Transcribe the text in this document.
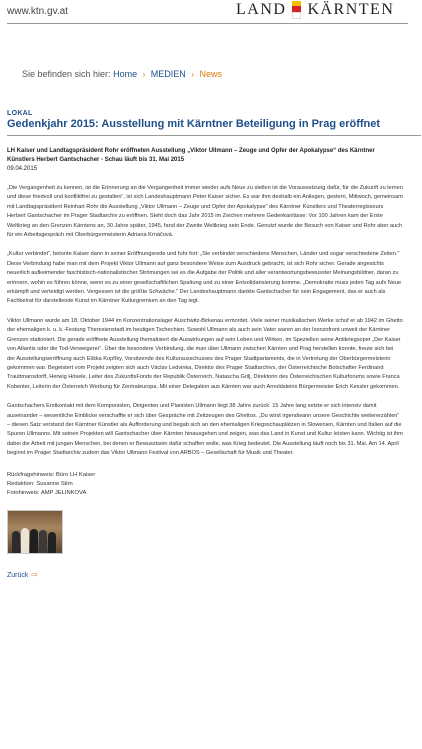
www.ktn.gv.at	LAND KÄRNTEN
Sie befinden sich hier: Home › MEDIEN › News
LOKAL
Gedenkjahr 2015: Ausstellung mit Kärntner Beteiligung in Prag eröffnet
LH Kaiser und Landtagspräsident Rohr eröffneten Ausstellung „Viktor Ullmann – Zeuge und Opfer der Apokalypse“ des Kärntner Künstlers Herbert Gantschacher - Schau läuft bis 31. Mai 2015
09.04.2015
„Die Vergangenheit zu kennen, ist die Erinnerung an die Vergangenheit immer wieder aufs Neue zu stellen ist die Voraussetzung dafür, für die Zukunft zu lernen und diese friedvoll und konfliktfrei zu gestalten“, ist sich Landeshauptmann Peter Kaiser sicher. Es war ihm deshalb ein Anliegen, gestern, Mittwoch, gemeinsam mit Landtagspräsident Reinhart Rohr die Ausstellung „Viktor Ullmann – Zeuge und Opfer der Apokalypse“ des Kärntner Künstlers und Theaterregisseurs Herbert Gantschacher im Prager Stadtarchiv zu eröffnen. Steht doch das Jahr 2015 im Zeichen mehrere Gedenkanlässe: Vor 100 Jahren kam der Erste Weltkrieg an den Grenzen Kärntens an, 30 Jahre später, 1945, fand der Zweite Weltkrieg sein Ende. Genutzt wurde der Besuch von Kaiser und Rohr aber auch für ein Arbeitsgespräch mit Oberbürgermeisterin Adriana Krnáčová.
„Kultur verbindet“, betonte Kaiser dann in seiner Eröffnungsrede und fuhr fort: „Sie verbindet verschiedene Menschen, Länder und sogar verschiedene Zeiten.“ Diese Verbindung habe man mit dem Projekt Viktor Ullmann auf ganz besondere Weise zum Ausdruck gebracht, ist sich Rohr sicher. Gerade angesichts neuerlich aufkeimender faschistisch-nationalistischer Strömungen sei es die Aufgabe der Politik und aller verantwortungsbewusster Meinungsbildner, daran zu erinnern, wohin es führen könne, wenn es zu einer gesellschaftlichen Spaltung und zu einer Entsolidarisierung komme. „Demokratie muss jeden Tag aufs Neue erkämpft und verteidigt werden. Vergessen ist die größte Schwäche.“ Der Landeshauptmann dankte Gantschacher für sein Engagement, das er auch als Fachbeirat für darstellende Kunst im Kärntner Kulturgremium an den Tag legt.
Viktor Ullmann wurde am 18. Oktober 1944 im Konzentrationslager Auschwitz-Birkenau ermordet. Viele seiner musikalischen Werke schuf er ab 1942 im Ghetto der ehemaligen k. u. k.-Festung Theresienstadt im heutigen Tschechien. Sowohl Ullmann als auch sein Vater waren an der Isonzofront unweit der Kärntner Grenzen stationiert. Die gerade eröffnete Ausstellung thematisiert die Auswirkungen auf sein Leben und Wirken, im Speziellen seine Antikriegsoper „Der Kaiser von Atlantis oder die Tod-Verweigerer“. Über die besondere Verbindung, die man über Ullmann zwischen Kärnten und Prag herstellen konnte, freute sich bei der Ausstellungseröffnung auch Eliška Kopřiky, Vorsitzende des Kulturausschusses des Prager Stadtparlaments, die in Vertretung der Oberbürgermeisterin gekommen war. Begeistert vom Projekt zeigten sich auch Václav Ledvinka, Direktor des Prager Stadtarchivs, der Österreichische Botschafter Ferdinand Trauttmansdorff, Herwig Hösele, Leiter des ZukunftsFonds der Republik Österreich, Natascha Grilj, Direktorin des Österreichischen Kulturforums sowie Franca Kobenter, Leiterin der Österreich Werbung für Zentraleuropa. Mit einer Delegation aus Kärnten war auch Arnoldsteins Bürgermeister Erich Kessler gekommen.
Gantschachers Erstkontakt mit dem Komponisten, Dirigenten und Pianisten Ullmann liegt 38 Jahre zurück. 15 Jahre lang setzte er sich intensiv damit auseinander – wesentliche Einblicke verschaffte er sich über Gespräche mit Zeitzeugen des Ghettos. „Du wirst irgendwann unsere Geschichte weitererzählen“ – diesen Satz verstand der Kärntner Künstler als Aufforderung und begab sich an den ehemaligen Kriegsschauplätzen in Slowenien, Kärnten und Italien auf die Spuren Ullmanns. Mit seinen Projekten will Gantschacher über Kärnten hinausgehen und zeigen, was das Land in Kunst und Kultur leisten kann. Wichtig ist ihm dabei die Arbeit mit jungen Menschen, bei denen er Bewusstsein dafür schaffen wolle, was Krieg bedeutet. Die Ausstellung läuft noch bis 31. Mai. Am 14. April beginnt im Prager Stadtarchiv zudem das Viktor Ullmann Festival von ARBOS – Gesellschaft für Musik und Theater.
Rückfragehinweis: Büro LH Kaiser
Redaktion: Susanne Stirn
Fotohinweis: AMP JELINKOVA
Zurück ⇨
